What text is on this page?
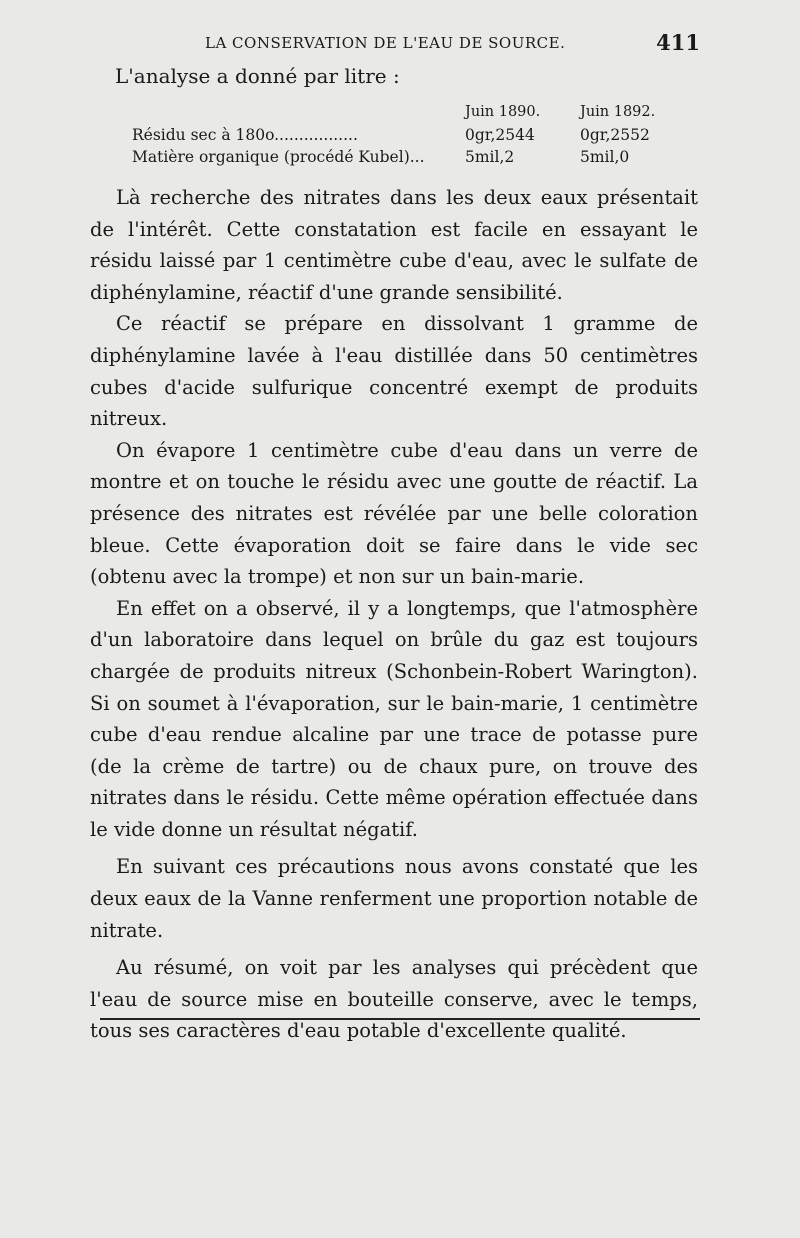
LA CONSERVATION DE L'EAU DE SOURCE.	411
L'analyse a donné par litre :
Juin 1890.	Juin 1892.
Résidu sec à 180o.................	0gr,2544	0gr,2552
Matière organique (procédé Kubel)...	5mil,2	5mil,0

Là recherche des nitrates dans les deux eaux présentait de l'intérêt. Cette constatation est facile en essayant le résidu laissé par 1 centimètre cube d'eau, avec le sulfate de diphénylamine, réactif d'une grande sensibilité.

Ce réactif se prépare en dissolvant 1 gramme de diphénylamine lavée à l'eau distillée dans 50 centimètres cubes d'acide sulfurique concentré exempt de produits nitreux.

On évapore 1 centimètre cube d'eau dans un verre de montre et on touche le résidu avec une goutte de réactif. La présence des nitrates est révélée par une belle coloration bleue. Cette évaporation doit se faire dans le vide sec (obtenu avec la trompe) et non sur un bain-marie.

En effet on a observé, il y a longtemps, que l'atmosphère d'un laboratoire dans lequel on brûle du gaz est toujours chargée de produits nitreux (Schonbein-Robert Warington). Si on soumet à l'évaporation, sur le bain-marie, 1 centimètre cube d'eau rendue alcaline par une trace de potasse pure (de la crème de tartre) ou de chaux pure, on trouve des nitrates dans le résidu. Cette même opération effectuée dans le vide donne un résultat négatif.

En suivant ces précautions nous avons constaté que les deux eaux de la Vanne renferment une proportion notable de nitrate.

Au résumé, on voit par les analyses qui précèdent que l'eau de source mise en bouteille conserve, avec le temps, tous ses caractères d'eau potable d'excellente qualité.
